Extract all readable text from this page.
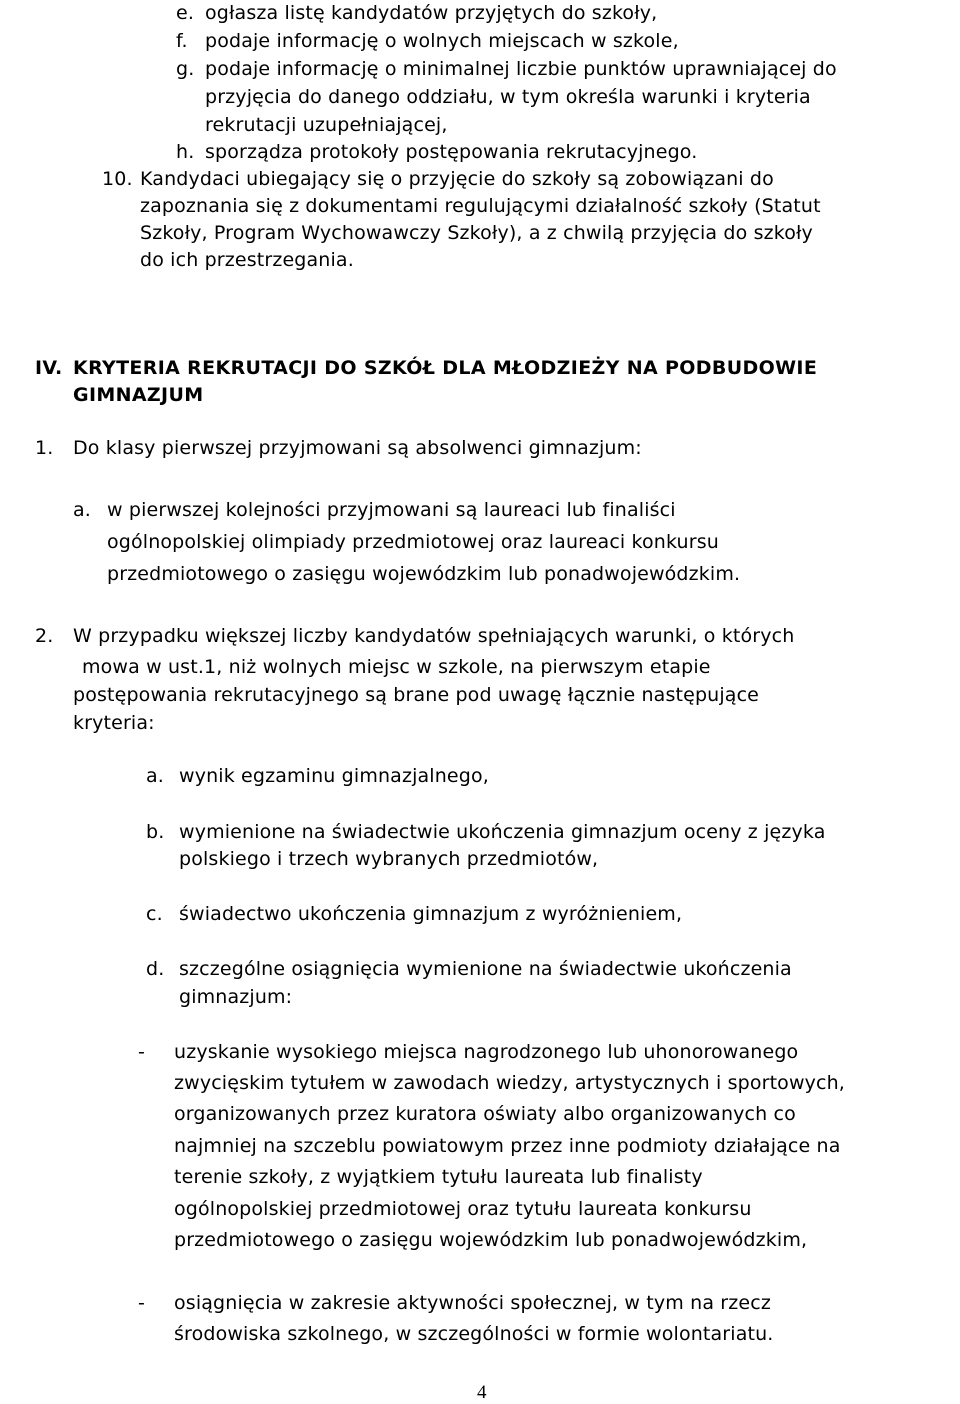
e. ogłasza listę kandydatów przyjętych do szkoły,
f. podaje informację o wolnych miejscach w szkole,
g. podaje informację o minimalnej liczbie punktów uprawniającej do
przyjęcia do danego oddziału, w tym określa warunki i kryteria
rekrutacji uzupełniającej,
h. sporządza protokoły postępowania rekrutacyjnego.
10. Kandydaci ubiegający się o przyjęcie do szkoły są zobowiązani do
zapoznania się z dokumentami regulującymi działalność szkoły (Statut
Szkoły, Program Wychowawczy Szkoły), a z chwilą przyjęcia do szkoły
do ich przestrzegania.
IV. KRYTERIA REKRUTACJI DO SZKÓŁ DLA MŁODZIEŻY NA PODBUDOWIE
GIMNAZJUM
1. Do klasy pierwszej przyjmowani są absolwenci gimnazjum:
a. w pierwszej kolejności przyjmowani są laureaci lub finaliści
ogólnopolskiej olimpiady przedmiotowej oraz laureaci konkursu
przedmiotowego o zasięgu wojewódzkim lub ponadwojewódzkim.
2. W przypadku większej liczby kandydatów spełniających warunki, o których
mowa w ust.1, niż wolnych miejsc w szkole, na pierwszym etapie
postępowania rekrutacyjnego są brane pod uwagę łącznie następujące
kryteria:
a. wynik egzaminu gimnazjalnego,
b. wymienione na świadectwie ukończenia gimnazjum oceny z języka
polskiego i trzech wybranych przedmiotów,
c. świadectwo ukończenia gimnazjum z wyróżnieniem,
d. szczególne osiągnięcia wymienione na świadectwie ukończenia
gimnazjum:
- uzyskanie wysokiego miejsca nagrodzonego lub uhonorowanego
zwycięskim tytułem w zawodach wiedzy, artystycznych i sportowych,
organizowanych przez kuratora oświaty albo organizowanych co
najmniej na szczeblu powiatowym przez inne podmioty działające na
terenie szkoły, z wyjątkiem tytułu laureata lub finalisty
ogólnopolskiej przedmiotowej oraz tytułu laureata konkursu
przedmiotowego o zasięgu wojewódzkim lub ponadwojewódzkim,
- osiągnięcia w zakresie aktywności społecznej, w tym na rzecz
środowiska szkolnego, w szczególności w formie wolontariatu.
4
